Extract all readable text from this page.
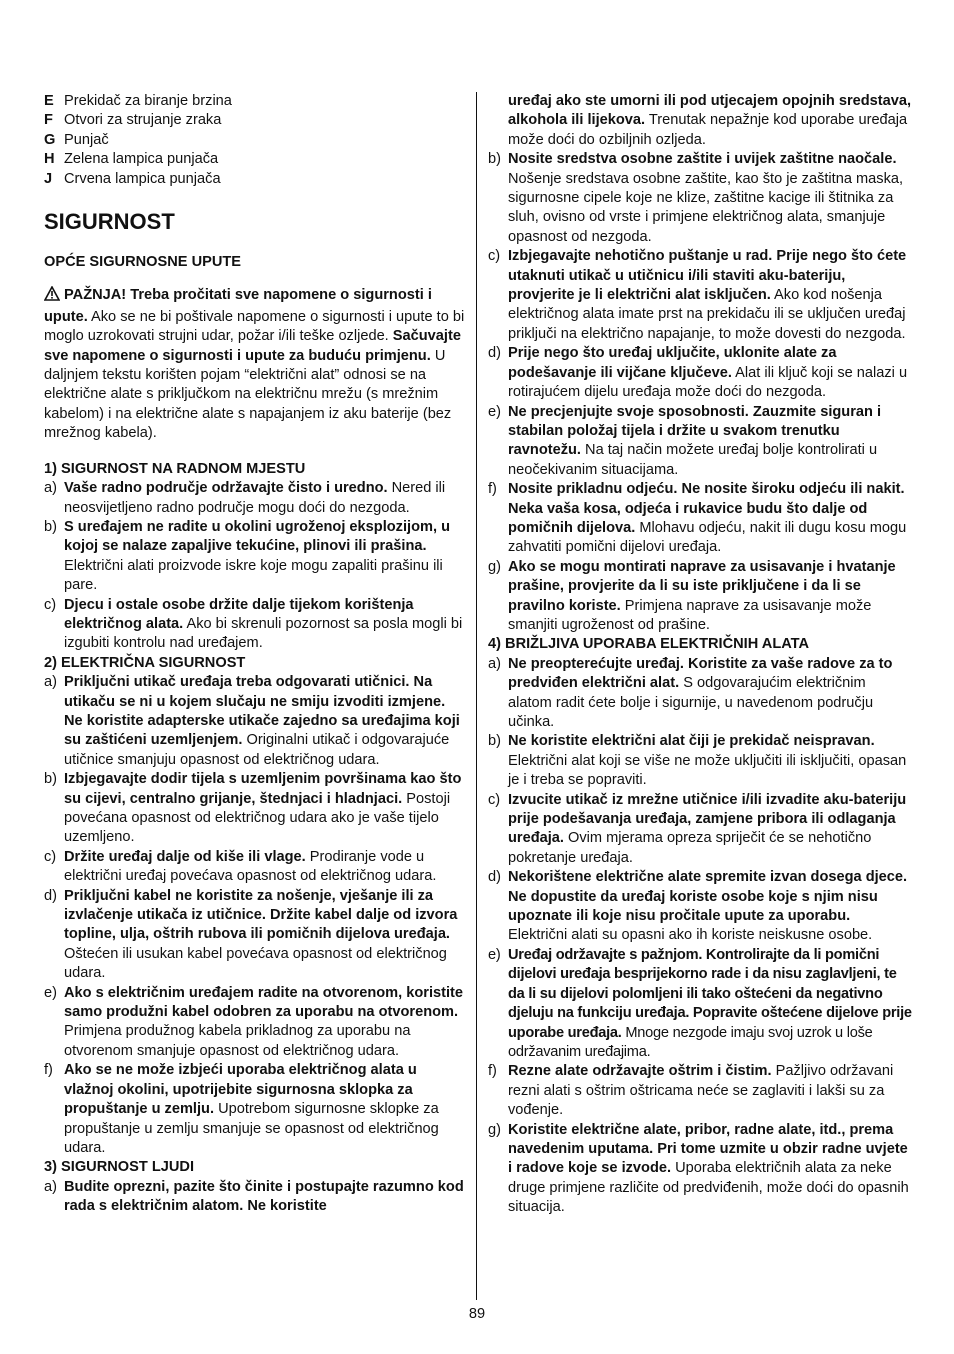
E Prekidač za biranje brzina
F Otvori za strujanje zraka
G Punjač
H Zelena lampica punjača
J Crvena lampica punjača
SIGURNOST
OPĆE SIGURNOSNE UPUTE
PAŽNJA! Treba pročitati sve napomene o sigurnosti i upute. Ako se ne bi poštivale napomene o sigurnosti i upute to bi moglo uzrokovati strujni udar, požar i/ili teške ozljede. Sačuvajte sve napomene o sigurnosti i upute za buduću primjenu. U daljnjem tekstu korišten pojam “električni alat” odnosi se na električne alate s priključkom na električnu mrežu (s mrežnim kabelom) i na električne alate s napajanjem iz aku baterije (bez mrežnog kabela).
1) SIGURNOST NA RADNOM MJESTU
a) Vaše radno područje održavajte čisto i uredno. Nered ili neosvijetljeno radno područje mogu doći do nezgoda.
b) S uređajem ne radite u okolini ugroženoj eksplozijom, u kojoj se nalaze zapaljive tekućine, plinovi ili prašina. Električni alati proizvode iskre koje mogu zapaliti prašinu ili pare.
c) Djecu i ostale osobe držite dalje tijekom korištenja električnog alata. Ako bi skrenuli pozornost sa posla mogli bi izgubiti kontrolu nad uređajem.
2) ELEKTRIČNA SIGURNOST
a) Priključni utikač uređaja treba odgovarati utičnici. Na utikaču se ni u kojem slučaju ne smiju izvoditi izmjene. Ne koristite adapterske utikače zajedno sa uređajima koji su zaštićeni uzemljenjem. Originalni utikač i odgovarajuće utičnice smanjuju opasnost od električnog udara.
b) Izbjegavajte dodir tijela s uzemljenim površinama kao što su cijevi, centralno grijanje, štednjaci i hladnjaci. Postoji povećana opasnost od električnog udara ako je vaše tijelo uzemljeno.
c) Držite uređaj dalje od kiše ili vlage. Prodiranje vode u električni uređaj povećava opasnost od električnog udara.
d) Priključni kabel ne koristite za nošenje, vješanje ili za izvlačenje utikača iz utičnice. Držite kabel dalje od izvora topline, ulja, oštrih rubova ili pomičnih dijelova uređaja. Oštećen ili usukan kabel povećava opasnost od električnog udara.
e) Ako s električnim uređajem radite na otvorenom, koristite samo produžni kabel odobren za uporabu na otvorenom. Primjena produžnog kabela prikladnog za uporabu na otvorenom smanjuje opasnost od električnog udara.
f) Ako se ne može izbjeći uporaba električnog alata u vlažnoj okolini, upotrijebite sigurnosna sklopka za propuštanje u zemlju. Upotrebom sigurnosne sklopke za propuštanje u zemlju smanjuje se opasnost od električnog udara.
3) SIGURNOST LJUDI
a) Budite oprezni, pazite što činite i postupajte razumno kod rada s električnim alatom. Ne koristite
uređaj ako ste umorni ili pod utjecajem opojnih sredstava, alkohola ili lijekova. Trenutak nepažnje kod uporabe uređaja može doći do ozbiljnih ozljeda.
b) Nosite sredstva osobne zaštite i uvijek zaštitne naočale. Nošenje sredstava osobne zaštite, kao što je zaštitna maska, sigurnosne cipele koje ne klize, zaštitne kacige ili štitnika za sluh, ovisno od vrste i primjene električnog alata, smanjuje opasnost od nezgoda.
c) Izbjegavajte nehotično puštanje u rad. Prije nego što ćete utaknuti utikač u utičnicu i/ili staviti aku-bateriju, provjerite je li električni alat isključen. Ako kod nošenja električnog alata imate prst na prekidaču ili se uključen uređaj priključi na električno napajanje, to može dovesti do nezgoda.
d) Prije nego što uređaj uključite, uklonite alate za podešavanje ili vijčane ključeve. Alat ili ključ koji se nalazi u rotirajućem dijelu uređaja može doći do nezgoda.
e) Ne precjenjujte svoje sposobnosti. Zauzmite siguran i stabilan položaj tijela i držite u svakom trenutku ravnotežu. Na taj način možete uređaj bolje kontrolirati u neočekivanim situacijama.
f) Nosite prikladnu odjeću. Ne nosite široku odjeću ili nakit. Neka vaša kosa, odjeća i rukavice budu što dalje od pomičnih dijelova. Mlohavu odjeću, nakit ili dugu kosu mogu zahvatiti pomični dijelovi uređaja.
g) Ako se mogu montirati naprave za usisavanje i hvatanje prašine, provjerite da li su iste priključene i da li se pravilno koriste. Primjena naprave za usisavanje može smanjiti ugroženost od prašine.
4) BRIŽLJIVA UPORABA ELEKTRIČNIH ALATA
a) Ne preopterećujte uređaj. Koristite za vaše radove za to predviđen električni alat. S odgovarajućim električnim alatom radit ćete bolje i sigurnije, u navedenom području učinka.
b) Ne koristite električni alat čiji je prekidač neispravan. Električni alat koji se više ne može uključiti ili isključiti, opasan je i treba se popraviti.
c) Izvucite utikač iz mrežne utičnice i/ili izvadite aku-bateriju prije podešavanja uređaja, zamjene pribora ili odlaganja uređaja. Ovim mjerama opreza spriječit će se nehotično pokretanje uređaja.
d) Nekorištene električne alate spremite izvan dosega djece. Ne dopustite da uređaj koriste osobe koje s njim nisu upoznate ili koje nisu pročitale upute za uporabu. Električni alati su opasni ako ih koriste neiskusne osobe.
e) Uređaj održavajte s pažnjom. Kontrolirajte da li pomični dijelovi uređaja besprijekorno rade i da nisu zaglavljeni, te da li su dijelovi polomljeni ili tako oštećeni da negativno djeluju na funkciju uređaja. Popravite oštećene dijelove prije uporabe uređaja. Mnoge nezgode imaju svoj uzrok u loše održavanim uređajima.
f) Rezne alate održavajte oštrim i čistim. Pažljivo održavani rezni alati s oštrim oštricama neće se zaglaviti i lakši su za vođenje.
g) Koristite električne alate, pribor, radne alate, itd., prema navedenim uputama. Pri tome uzmite u obzir radne uvjete i radove koje se izvode. Uporaba električnih alata za neke druge primjene različite od predviđenih, može doći do opasnih situacija.
89
